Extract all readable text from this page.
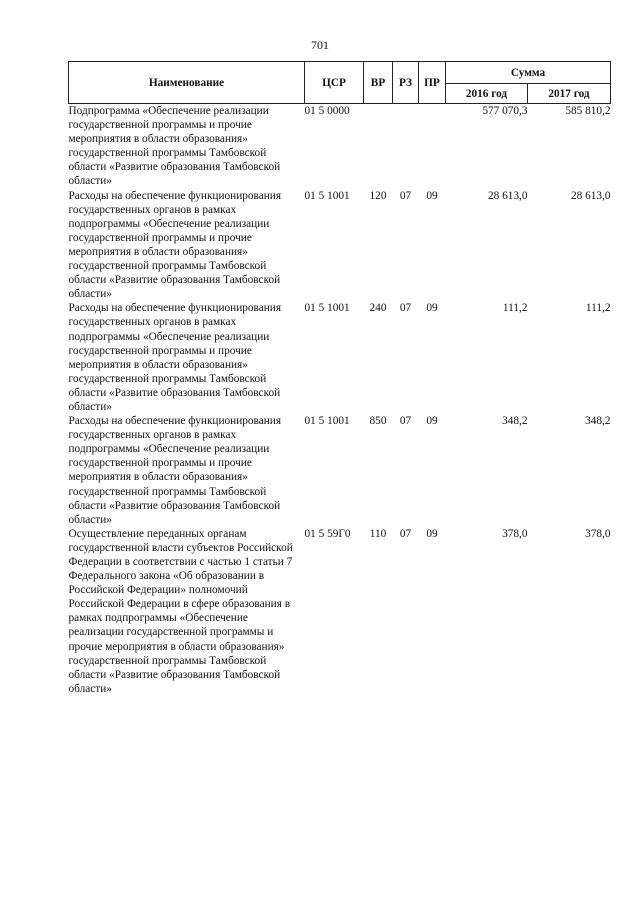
701
Наименование	ЦСР	ВР	РЗ	ПР	Сумма	
					2016 год	2017 год
Подпрограмма «Обеспечение реализации государственной программы и прочие мероприятия в области образования» государственной программы Тамбовской области «Развитие образования Тамбовской области»	01 5 0000				577 070,3	585 810,2
Расходы на обеспечение функционирования государственных органов в рамках подпрограммы «Обеспечение реализации государственной программы и прочие мероприятия в области образования» государственной программы Тамбовской области «Развитие образования Тамбовской области»	01 5 1001	120	07	09	28 613,0	28 613,0
Расходы на обеспечение функционирования государственных органов в рамках подпрограммы «Обеспечение реализации государственной программы и прочие мероприятия в области образования» государственной программы Тамбовской области «Развитие образования Тамбовской области»	01 5 1001	240	07	09	111,2	111,2
Расходы на обеспечение функционирования государственных органов в рамках подпрограммы «Обеспечение реализации государственной программы и прочие мероприятия в области образования» государственной программы Тамбовской области «Развитие образования Тамбовской области»	01 5 1001	850	07	09	348,2	348,2
Осуществление переданных органам государственной власти субъектов Российской Федерации в соответствии с частью 1 статьи 7 Федерального закона «Об образовании в Российской Федерации» полномочий Российской Федерации в сфере образования в рамках подпрограммы «Обеспечение реализации государственной программы и прочие мероприятия в области образования» государственной программы Тамбовской области «Развитие образования Тамбовской области»	01 5 59Г0	110	07	09	378,0	378,0
